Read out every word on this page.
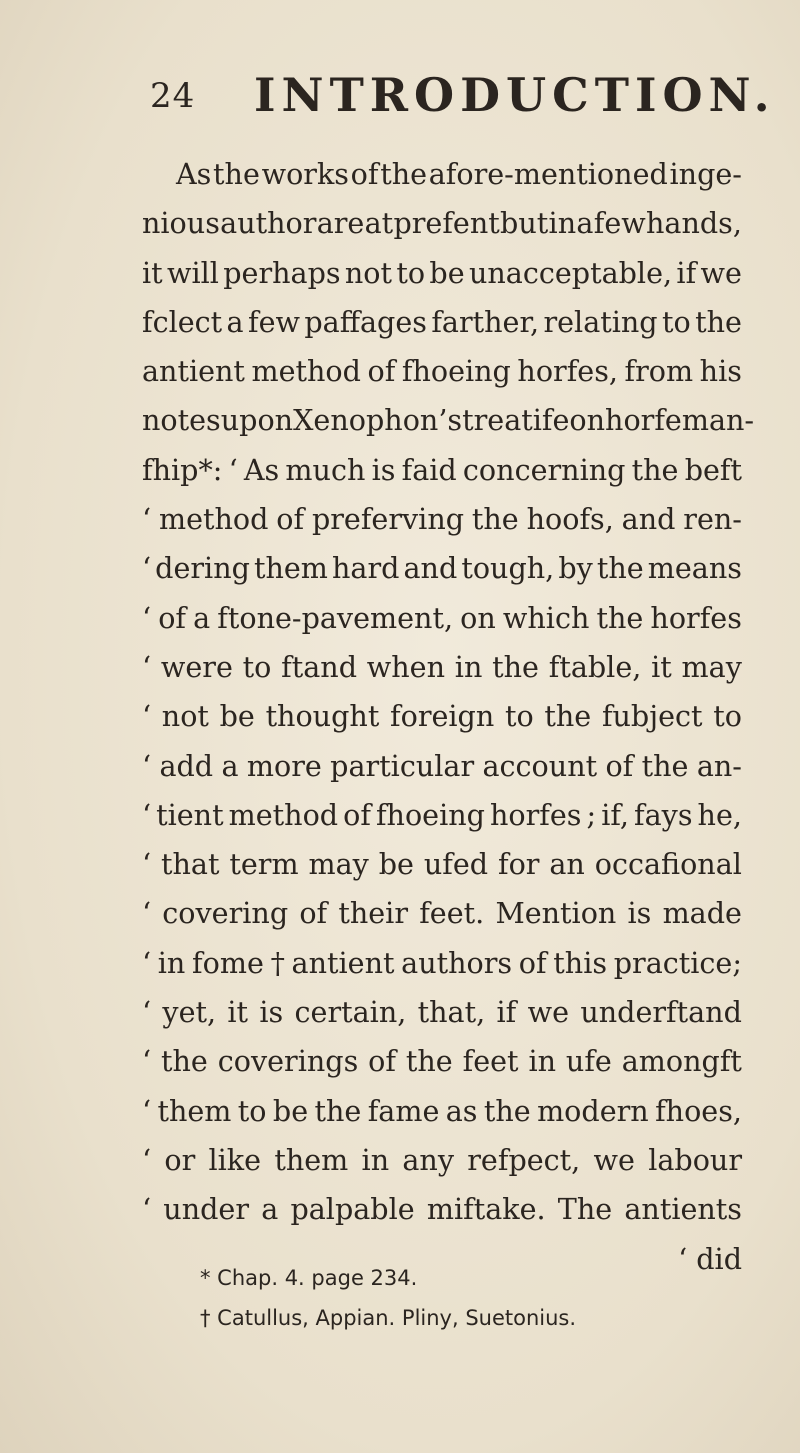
24 INTRODUCTION.
As the works of the afore-mentioned inge-
nious author are at prefent but in a few hands,
it will perhaps not to be unacceptable, if we
fclect a few paffages farther, relating to the
antient method of fhoeing horfes, from his
notes upon Xenophon’s treatife on horfeman-
fhip*: ‘ As much is faid concerning the beft
‘ method of preferving the hoofs, and ren-
‘ dering them hard and tough, by the means
‘ of a ftone-pavement, on which the horfes
‘ were to ftand when in the ftable, it may
‘ not be thought foreign to the fubject to
‘ add a more particular account of the an-
‘ tient method of fhoeing horfes ; if, fays he,
‘ that term may be ufed for an occafional
‘ covering of their feet. Mention is made
‘ in fome † antient authors of this practice;
‘ yet, it is certain, that, if we underftand
‘ the coverings of the feet in ufe amongft
‘ them to be the fame as the modern fhoes,
‘ or like them in any refpect, we labour
‘ under a palpable miftake. The antients
‘ did
* Chap. 4. page 234.
† Catullus, Appian. Pliny, Suetonius.
